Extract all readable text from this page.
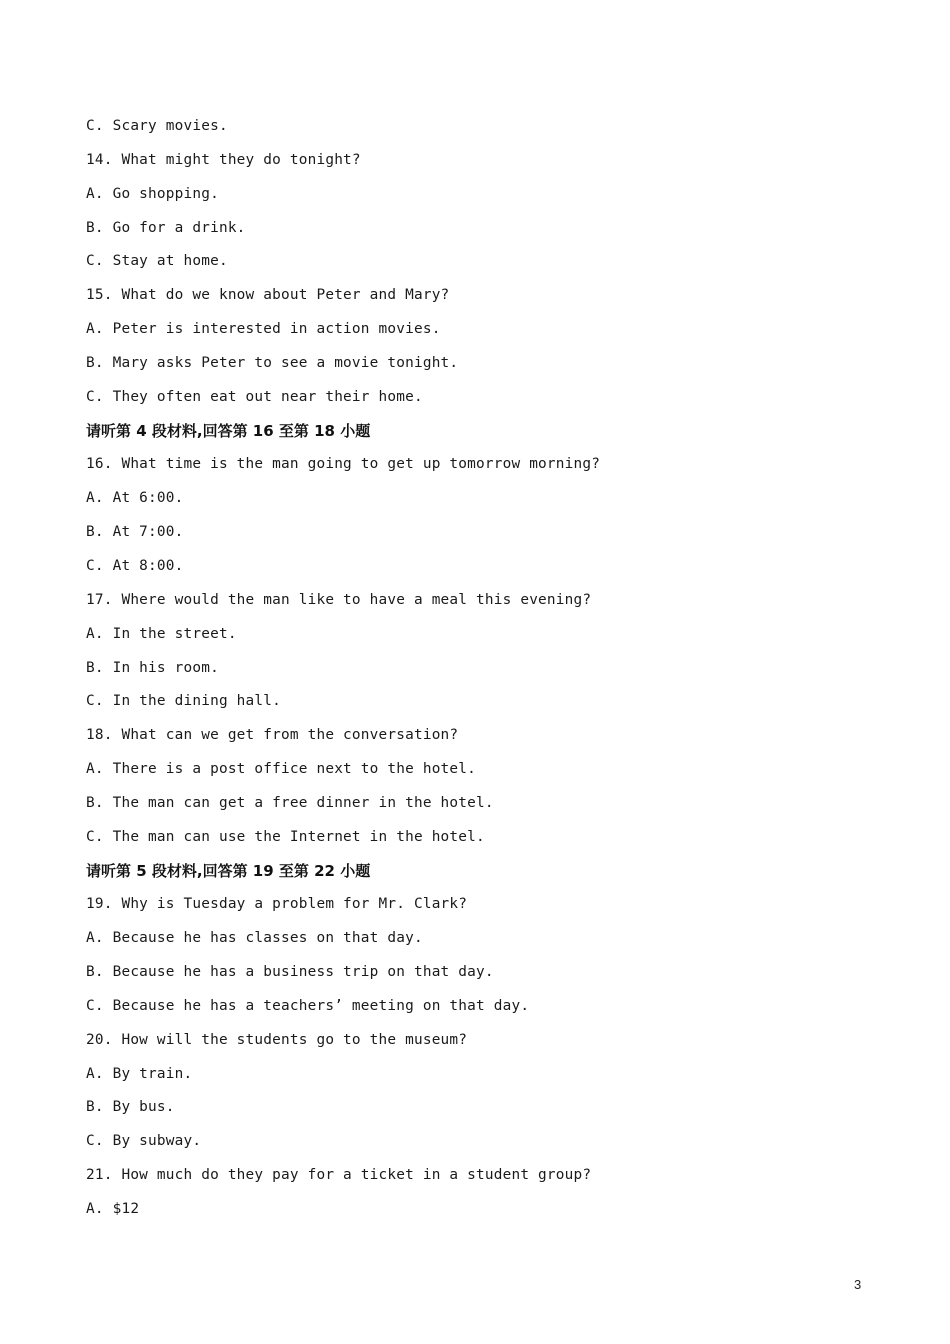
C. Scary movies.
14. What might they do tonight?
A. Go shopping.
B. Go for a drink.
C. Stay at home.
15. What do we know about Peter and Mary?
A. Peter is interested in action movies.
B. Mary asks Peter to see a movie tonight.
C. They often eat out near their home.
请听第 4 段材料,回答第 16 至第 18 小题
16. What time is the man going to get up tomorrow morning?
A. At 6:00.
B. At 7:00.
C. At 8:00.
17. Where would the man like to have a meal this evening?
A. In the street.
B. In his room.
C. In the dining hall.
18. What can we get from the conversation?
A. There is a post office next to the hotel.
B. The man can get a free dinner in the hotel.
C. The man can use the Internet in the hotel.
请听第 5 段材料,回答第 19 至第 22 小题
19. Why is Tuesday a problem for Mr. Clark?
A. Because he has classes on that day.
B. Because he has a business trip on that day.
C. Because he has a teachers’ meeting on that day.
20. How will the students go to the museum?
A. By train.
B. By bus.
C. By subway.
21. How much do they pay for a ticket in a student group?
A. $12
3
